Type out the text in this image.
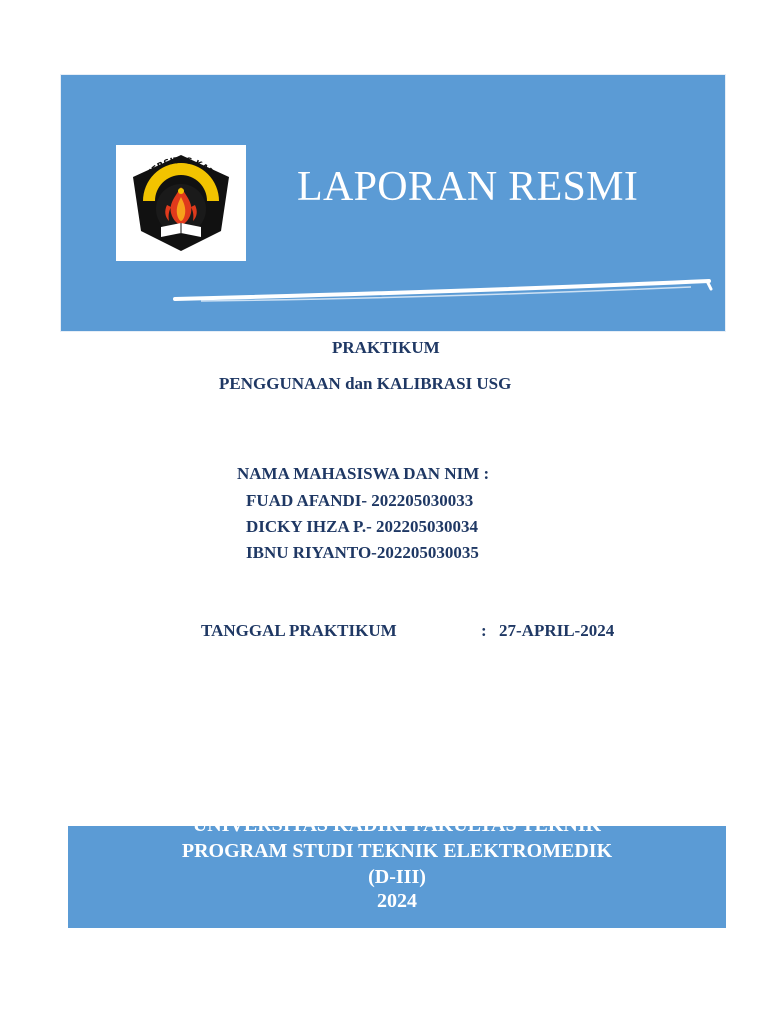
UNIVERSITAS KADIRI LAPORAN RESMI
PRAKTIKUM
PENGGUNAAN dan KALIBRASI USG
NAMA MAHASISWA DAN NIM :
FUAD AFANDI- 202205030033
DICKY IHZA P.- 202205030034
IBNU RIYANTO-202205030035
TANGGAL PRAKTIKUM	: 27-APRIL-2024
UNIVERSITAS KADIRI FAKULTAS TEKNIK
PROGRAM STUDI TEKNIK ELEKTROMEDIK
(D-III)
2024
